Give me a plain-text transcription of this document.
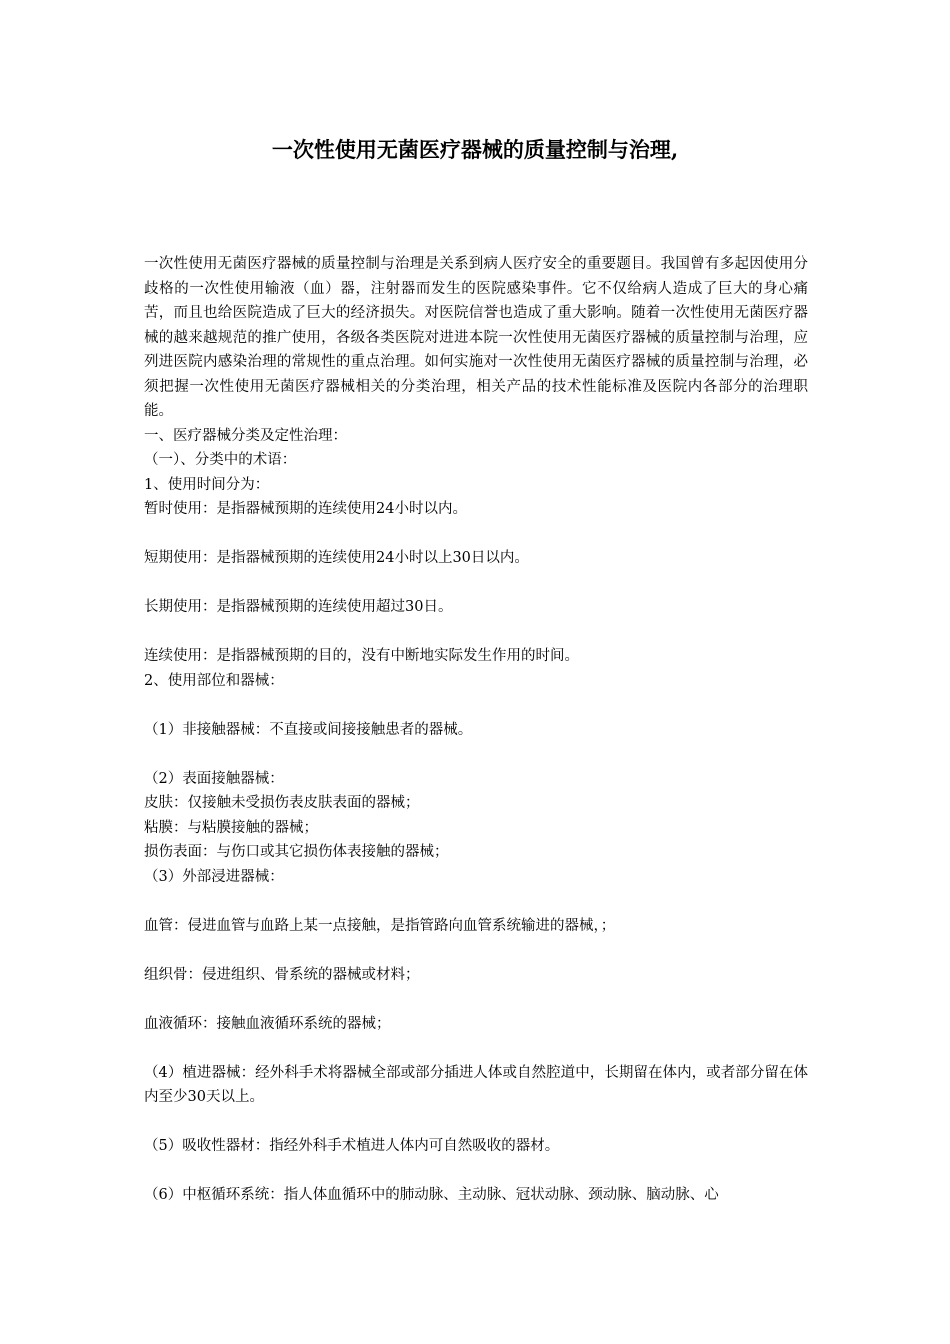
一次性使用无菌医疗器械的质量控制与治理,

一次性使用无菌医疗器械的质量控制与治理是关系到病人医疗安全的重要题目。我国曾有多起因使用分歧格的一次性使用输液（血）器，注射器而发生的医院感染事件。它不仅给病人造成了巨大的身心痛苦，而且也给医院造成了巨大的经济损失。对医院信誉也造成了重大影响。随着一次性使用无菌医疗器械的越来越规范的推广使用，各级各类医院对进进本院一次性使用无菌医疗器械的质量控制与治理，应列进医院内感染治理的常规性的重点治理。如何实施对一次性使用无菌医疗器械的质量控制与治理，必须把握一次性使用无菌医疗器械相关的分类治理，相关产品的技术性能标准及医院内各部分的治理职能。

一、医疗器械分类及定性治理：

（一）、分类中的术语：

1、使用时间分为：

暂时使用：是指器械预期的连续使用24小时以内。

短期使用：是指器械预期的连续使用24小时以上30日以内。

长期使用：是指器械预期的连续使用超过30日。

连续使用：是指器械预期的目的，没有中断地实际发生作用的时间。

2、使用部位和器械：

（1）非接触器械：不直接或间接接触患者的器械。

（2）表面接触器械：

皮肤：仅接触未受损伤表皮肤表面的器械；

粘膜：与粘膜接触的器械；

损伤表面：与伤口或其它损伤体表接触的器械；

（3）外部浸进器械：

血管：侵进血管与血路上某一点接触，是指管路向血管系统输进的器械，；

组织骨：侵进组织、骨系统的器械或材料；

血液循环：接触血液循环系统的器械；

（4）植进器械：经外科手术将器械全部或部分插进人体或自然腔道中，长期留在体内，或者部分留在体内至少30天以上。

（5）吸收性器材：指经外科手术植进人体内可自然吸收的器材。

（6）中枢循环系统：指人体血循环中的肺动脉、主动脉、冠状动脉、颈动脉、脑动脉、心
